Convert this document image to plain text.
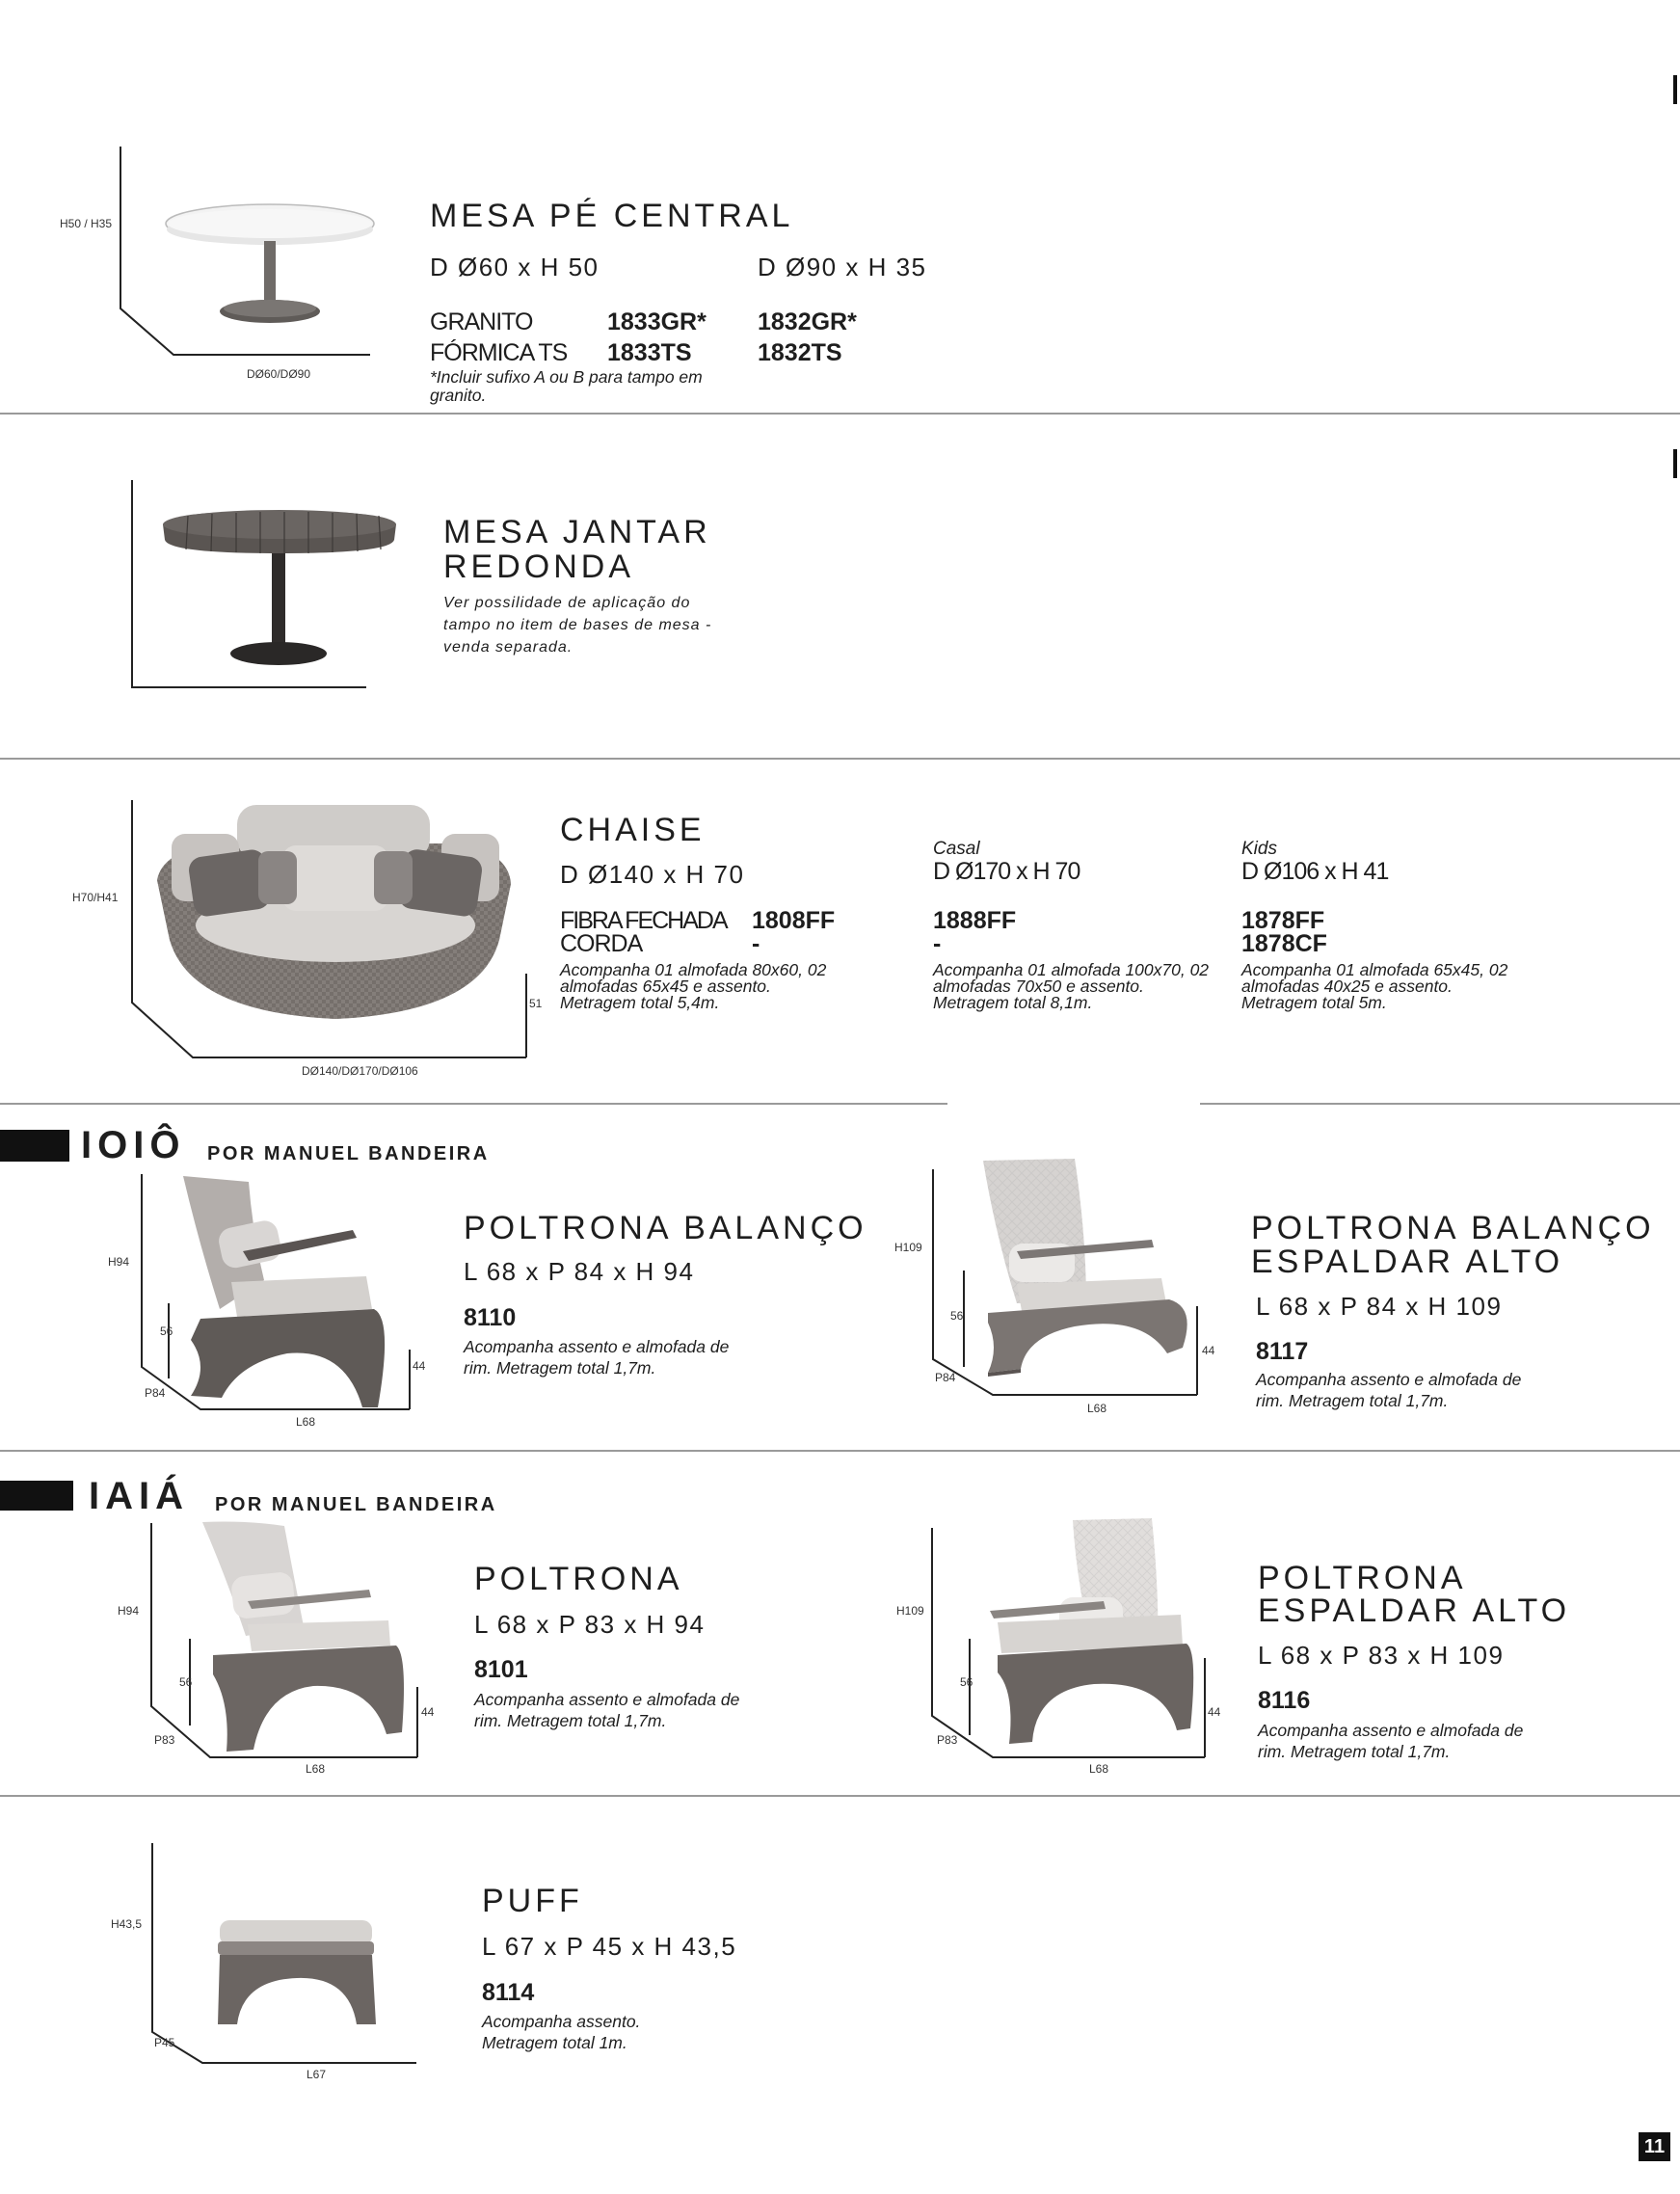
H50 / H35
DØ60/DØ90
MESA PÉ CENTRAL
D Ø60 x H 50	D Ø90 x H 35
GRANITO	1833GR* 1832GR*
FÓRMICA TS 1833TS	1832TS
*Incluir sufixo A ou B para tampo em granito.
MESA JANTAR
REDONDA
Ver possilidade de aplicação do tampo no item de bases de mesa - venda separada.
H70/H41
51
DØ140/DØ170/DØ106
CHAISE
D Ø140 x H 70
Casal
D Ø170 x H 70
Kids
D Ø106 x H 41
FIBRA FECHADA 1808FF	1888FF	1878FF
CORDA	-	-	1878CF
Acompanha 01 almofada 80x60, 02 almofadas 65x45 e assento. Metragem total 5,4m.
Acompanha 01 almofada 100x70, 02 almofadas 70x50 e assento. Metragem total 8,1m.
Acompanha 01 almofada 65x45, 02 almofadas 40x25 e assento. Metragem total 5m.
IOIÔ POR MANUEL BANDEIRA
H94
56
44
P84
L68
POLTRONA BALANÇO
L 68 x P 84 x H 94
8110
Acompanha assento e almofada de rim. Metragem total 1,7m.
H109
56
44
P84
L68
POLTRONA BALANÇO
ESPALDAR ALTO
L 68 x P 84 x H 109
8117
Acompanha assento e almofada de rim. Metragem total 1,7m.
IAIÁ POR MANUEL BANDEIRA
H94
56
44
P83
L68
POLTRONA
L 68 x P 83 x H 94
8101
Acompanha assento e almofada de rim. Metragem total 1,7m.
H109
56
44
P83
L68
POLTRONA
ESPALDAR ALTO
L 68 x P 83 x H 109
8116
Acompanha assento e almofada de rim. Metragem total 1,7m.
H43,5
P45
L67
PUFF
L 67 x P 45 x H 43,5
8114
Acompanha assento. Metragem total 1m.
11
